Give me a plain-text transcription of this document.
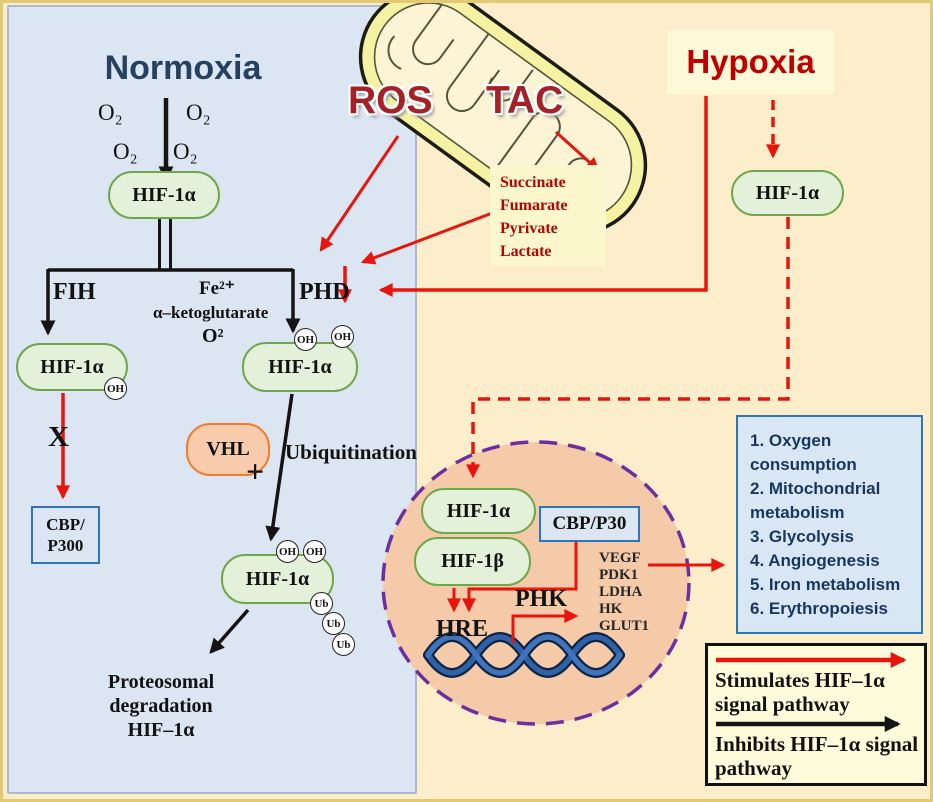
Normoxia
O₂	O₂
O₂ O₂
HIF-1α
FIH	Fe²⁺
α–ketoglutarate
O²
PHD
HIF-1α
OH
X
CBP/
P300
HIF-1α
OH OH
VHL
+
Ubiquitination
HIF-1α
OH OH
Ub
Ub
Ub
Proteosomal
degradation
HIF–1α
ROS TAC
Succinate
Fumarate
Pyrivate
Lactate
Hypoxia
HIF-1α
HIF-1α
HIF-1β
CBP/P30
HRE
PHK
VEGF
PDK1
LDHA
HK
GLUT1
1. Oxygen consumption
2. Mitochondrial metabolism
3. Glycolysis
4. Angiogenesis
5. Iron metabolism
6. Erythropoiesis
Stimulates HIF–1α signal pathway
Inhibits HIF–1α signal pathway
